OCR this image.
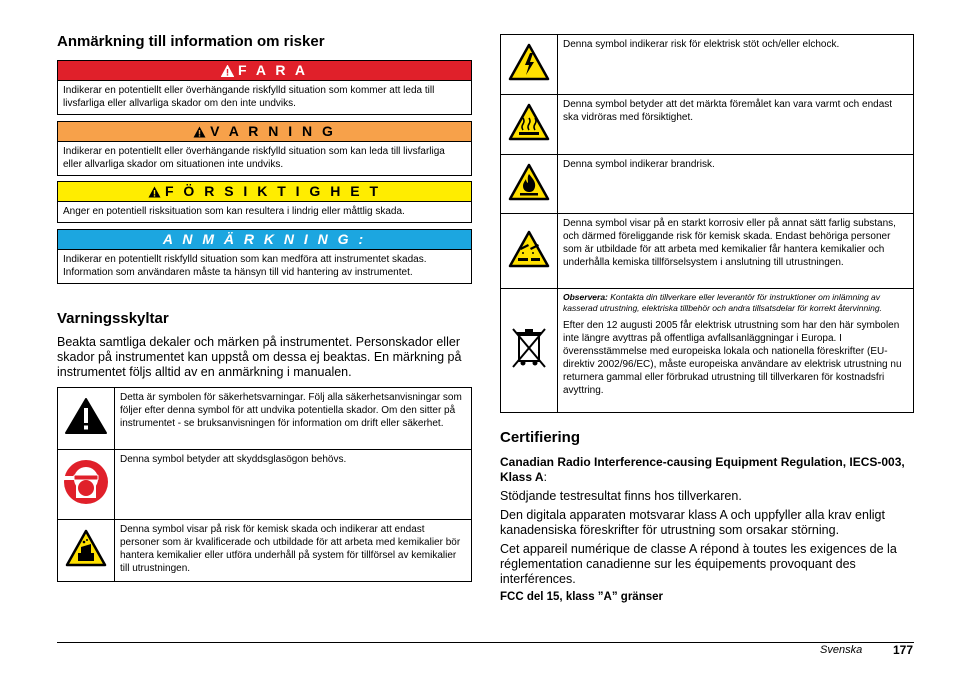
Anmärkning till information om risker
F A R A
Indikerar en potentiellt eller överhängande riskfylld situation som kommer att leda till livsfarliga eller allvarliga skador om den inte undviks.
V A R N I N G
Indikerar en potentiellt eller överhängande riskfylld situation som kan leda till livsfarliga eller allvarliga skador om situationen inte undviks.
F Ö R S I K T I G H E T
Anger en potentiell risksituation som kan resultera i lindrig eller måttlig skada.
A N M Ä R K N I N G :
Indikerar en potentiellt riskfylld situation som kan medföra att instrumentet skadas. Information som användaren måste ta hänsyn till vid hantering av instrumentet.
Varningsskyltar

Beakta samtliga dekaler och märken på instrumentet. Personskador eller skador på instrumentet kan uppstå om dessa ej beaktas. En märkning på instrumentet följs alltid av en anmärkning i manualen.

	Detta är symbolen för säkerhetsvarningar. Följ alla säkerhetsanvisningar som följer efter denna symbol för att undvika potentiella skador. Om den sitter på instrumentet - se bruksanvisningen för information om drift eller säkerhet.
	Denna symbol betyder att skyddsglasögon behövs.
	Denna symbol visar på risk för kemisk skada och indikerar att endast personer som är kvalificerade och utbildade för att arbeta med kemikalier bör hantera kemikalier eller utföra underhåll på system för tillförsel av kemikalier till utrustningen.
	Denna symbol indikerar risk för elektrisk stöt och/eller elchock.
	Denna symbol betyder att det märkta föremålet kan vara varmt och endast ska vidröras med försiktighet.
	Denna symbol indikerar brandrisk.
	Denna symbol visar på en starkt korrosiv eller på annat sätt farlig substans, och därmed föreliggande risk för kemisk skada. Endast behöriga personer som är utbildade för att arbeta med kemikalier får hantera kemikalier och underhålla kemiska tillförselsystem i anslutning till utrustningen.

Observera: Kontakta din tillverkare eller leverantör för instruktioner om inlämning av kasserad utrustning, elektriska tillbehör och andra tillsatsdelar för korrekt återvinning.
Efter den 12 augusti 2005 får elektrisk utrustning som har den här symbolen inte längre avyttras på offentliga avfallsanläggningar i Europa. I överensstämmelse med europeiska lokala och nationella föreskrifter (EU-direktiv 2002/96/EC), måste europeiska användare av elektrisk utrustning nu returnera gammal eller förbrukad utrustning till tillverkaren för kostnadsfri avyttring.
Certifiering

Canadian Radio Interference-causing Equipment Regulation, IECS-003, Klass A:

Stödjande testresultat finns hos tillverkaren.

Den digitala apparaten motsvarar klass A och uppfyller alla krav enligt kanadensiska föreskrifter för utrustning som orsakar störning.

Cet appareil numérique de classe A répond à toutes les exigences de la réglementation canadienne sur les équipements provoquant des interférences.

FCC del 15, klass ”A” gränser

Svenska	177
